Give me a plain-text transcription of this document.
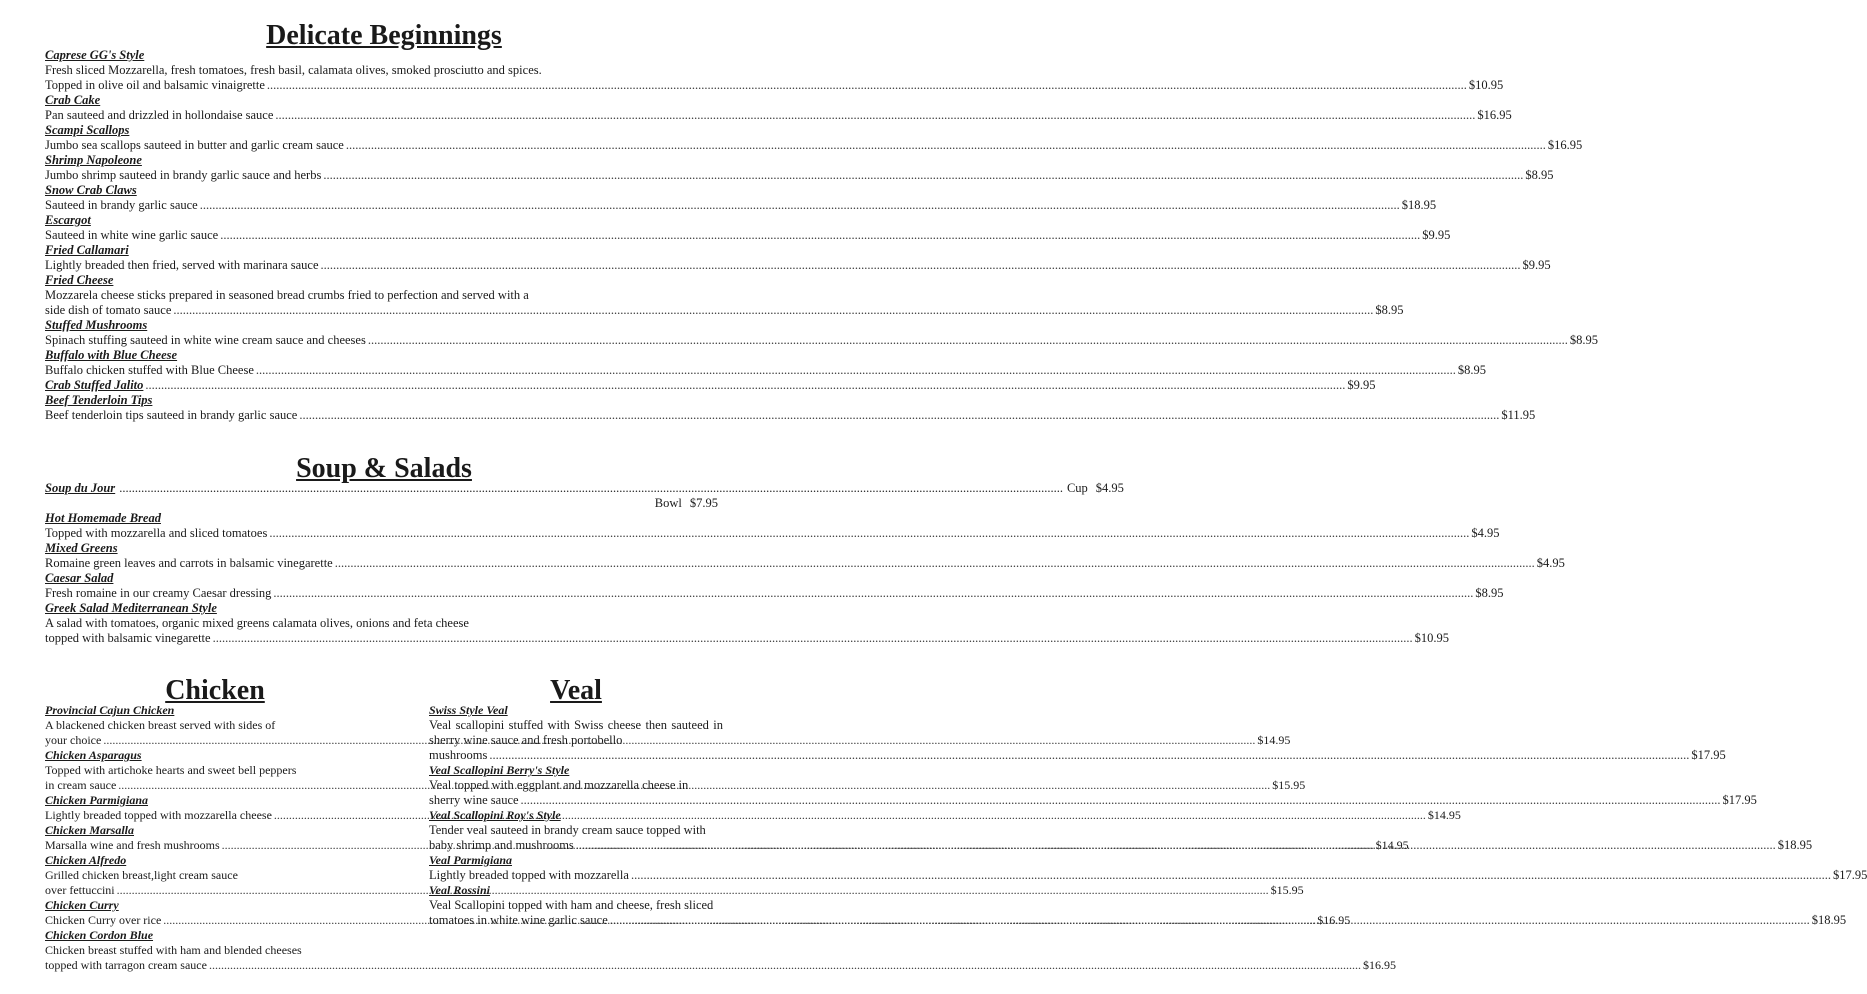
Delicate Beginnings
Caprese GG's Style
Fresh sliced Mozzarella, fresh tomatoes, fresh basil, calamata olives, smoked prosciutto and spices.
Topped in olive oil and balsamic vinaigrette .....	$10.95
Crab Cake
Pan sauteed and drizzled in hollondaise sauce .....	$16.95
Scampi Scallops
Jumbo sea scallops sauteed in butter and garlic cream sauce .....	$16.95
Shrimp Napoleone
Jumbo shrimp sauteed in brandy garlic sauce and herbs .....	$8.95
Snow Crab Claws
Sauteed in brandy garlic sauce .....	$18.95
Escargot
Sauteed in white wine garlic sauce .....	$9.95
Fried Callamari
Lightly breaded then fried, served with marinara sauce .....	$9.95
Fried Cheese
Mozzarela cheese sticks prepared in seasoned bread crumbs fried to perfection and served with a
side dish of tomato sauce .....	$8.95
Stuffed Mushrooms
Spinach stuffing sauteed in white wine cream sauce and cheeses .....	$8.95
Buffalo with Blue Cheese
Buffalo chicken stuffed with Blue Cheese .....	$8.95
Crab Stuffed Jalito .....	$9.95
Beef Tenderloin Tips
Beef tenderloin tips sauteed in brandy garlic sauce .....	$11.95
Soup & Salads
Soup du Jour .............................................................................................................................................................................................................................................................................................................. Cup $4.95
Bowl $7.95
Hot Homemade Bread
Topped with mozzarella and sliced tomatoes .....	$4.95
Mixed Greens
Romaine green leaves and carrots in balsamic vinegarette .....	$4.95
Caesar Salad
Fresh romaine in our creamy Caesar dressing .....	$8.95
Greek Salad Mediterranean Style
A salad with tomatoes, organic mixed greens calamata olives, onions and feta cheese
topped with balsamic vinegarette .....	$10.95
Chicken
Provincial Cajun Chicken
A blackened chicken breast served with sides of
your choice .....	$14.95
Chicken Asparagus
Topped with artichoke hearts and sweet bell peppers
in cream sauce .....	$15.95
Chicken Parmigiana
Lightly breaded topped with mozzarella cheese .....	$14.95
Chicken Marsalla
Marsalla wine and fresh mushrooms .....	$14.95
Chicken Alfredo
Grilled chicken breast,light cream sauce
over fettuccini .....	$15.95
Chicken Curry
Chicken Curry over rice .....	$16.95
Chicken Cordon Blue
Chicken breast stuffed with ham and blended cheeses
topped with tarragon cream sauce .....	$16.95
Veal
Swiss Style Veal
Veal scallopini stuffed with Swiss cheese then sauteed in sherry wine sauce and fresh portobello
mushrooms .....	$17.95
Veal Scallopini Berry's Style
Veal topped with eggplant and mozzarella cheese in
sherry wine sauce .....	$17.95
Veal Scallopini Roy's Style
Tender veal sauteed in brandy cream sauce topped with
baby shrimp and mushrooms .....	$18.95
Veal Parmigiana
Lightly breaded topped with mozzarella .....	$17.95
Veal Rossini
Veal Scallopini topped with ham and cheese, fresh sliced
tomatoes in white wine garlic sauce .....	$18.95
